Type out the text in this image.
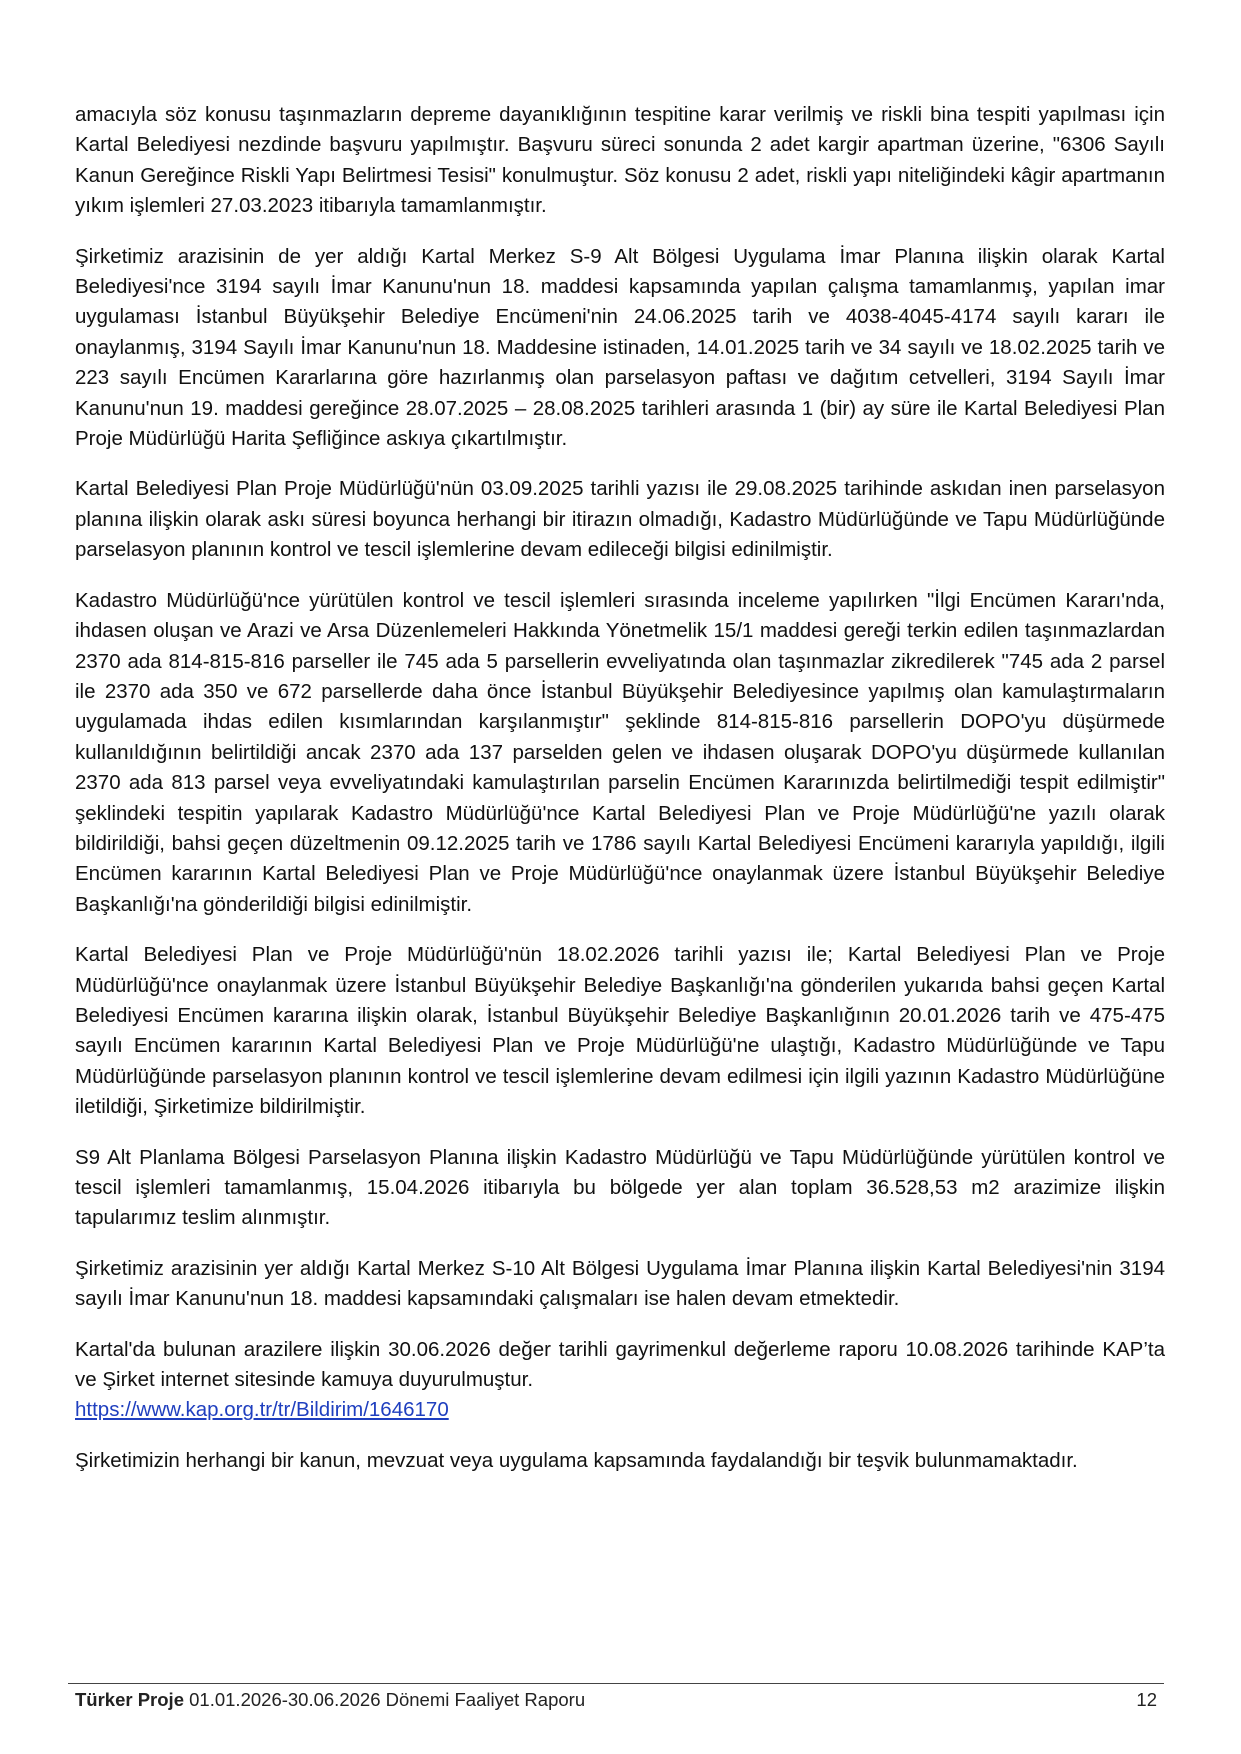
amacıyla söz konusu taşınmazların depreme dayanıklığının tespitine karar verilmiş ve riskli bina tespiti yapılması için Kartal Belediyesi nezdinde başvuru yapılmıştır. Başvuru süreci sonunda 2 adet kargir apartman üzerine, "6306 Sayılı Kanun Gereğince Riskli Yapı Belirtmesi Tesisi" konulmuştur. Söz konusu 2 adet, riskli yapı niteliğindeki kâgir apartmanın yıkım işlemleri 27.03.2023 itibarıyla tamamlanmıştır.

Şirketimiz arazisinin de yer aldığı Kartal Merkez S-9 Alt Bölgesi Uygulama İmar Planına ilişkin olarak Kartal Belediyesi'nce 3194 sayılı İmar Kanunu'nun 18. maddesi kapsamında yapılan çalışma tamamlanmış, yapılan imar uygulaması İstanbul Büyükşehir Belediye Encümeni'nin 24.06.2025 tarih ve 4038-4045-4174 sayılı kararı ile onaylanmış, 3194 Sayılı İmar Kanunu'nun 18. Maddesine istinaden, 14.01.2025 tarih ve 34 sayılı ve 18.02.2025 tarih ve 223 sayılı Encümen Kararlarına göre hazırlanmış olan parselasyon paftası ve dağıtım cetvelleri, 3194 Sayılı İmar Kanunu'nun 19. maddesi gereğince 28.07.2025 – 28.08.2025 tarihleri arasında 1 (bir) ay süre ile Kartal Belediyesi Plan Proje Müdürlüğü Harita Şefliğince askıya çıkartılmıştır.

Kartal Belediyesi Plan Proje Müdürlüğü'nün 03.09.2025 tarihli yazısı ile 29.08.2025 tarihinde askıdan inen parselasyon planına ilişkin olarak askı süresi boyunca herhangi bir itirazın olmadığı, Kadastro Müdürlüğünde ve Tapu Müdürlüğünde parselasyon planının kontrol ve tescil işlemlerine devam edileceği bilgisi edinilmiştir.

Kadastro Müdürlüğü'nce yürütülen kontrol ve tescil işlemleri sırasında inceleme yapılırken "İlgi Encümen Kararı'nda, ihdasen oluşan ve Arazi ve Arsa Düzenlemeleri Hakkında Yönetmelik 15/1 maddesi gereği terkin edilen taşınmazlardan 2370 ada 814-815-816 parseller ile 745 ada 5 parsellerin evveliyatında olan taşınmazlar zikredilerek "745 ada 2 parsel ile 2370 ada 350 ve 672 parsellerde daha önce İstanbul Büyükşehir Belediyesince yapılmış olan kamulaştırmaların uygulamada ihdas edilen kısımlarından karşılanmıştır" şeklinde 814-815-816 parsellerin DOPO'yu düşürmede kullanıldığının belirtildiği ancak 2370 ada 137 parselden gelen ve ihdasen oluşarak DOPO'yu düşürmede kullanılan 2370 ada 813 parsel veya evveliyatındaki kamulaştırılan parselin Encümen Kararınızda belirtilmediği tespit edilmiştir" şeklindeki tespitin yapılarak Kadastro Müdürlüğü'nce Kartal Belediyesi Plan ve Proje Müdürlüğü'ne yazılı olarak bildirildiği, bahsi geçen düzeltmenin 09.12.2025 tarih ve 1786 sayılı Kartal Belediyesi Encümeni kararıyla yapıldığı, ilgili Encümen kararının Kartal Belediyesi Plan ve Proje Müdürlüğü'nce onaylanmak üzere İstanbul Büyükşehir Belediye Başkanlığı'na gönderildiği bilgisi edinilmiştir.

Kartal Belediyesi Plan ve Proje Müdürlüğü'nün 18.02.2026 tarihli yazısı ile; Kartal Belediyesi Plan ve Proje Müdürlüğü'nce onaylanmak üzere İstanbul Büyükşehir Belediye Başkanlığı'na gönderilen yukarıda bahsi geçen Kartal Belediyesi Encümen kararına ilişkin olarak, İstanbul Büyükşehir Belediye Başkanlığının 20.01.2026 tarih ve 475-475 sayılı Encümen kararının Kartal Belediyesi Plan ve Proje Müdürlüğü'ne ulaştığı, Kadastro Müdürlüğünde ve Tapu Müdürlüğünde parselasyon planının kontrol ve tescil işlemlerine devam edilmesi için ilgili yazının Kadastro Müdürlüğüne iletildiği, Şirketimize bildirilmiştir.

S9 Alt Planlama Bölgesi Parselasyon Planına ilişkin Kadastro Müdürlüğü ve Tapu Müdürlüğünde yürütülen kontrol ve tescil işlemleri tamamlanmış, 15.04.2026 itibarıyla bu bölgede yer alan toplam 36.528,53 m2 arazimize ilişkin tapularımız teslim alınmıştır.

Şirketimiz arazisinin yer aldığı Kartal Merkez S-10 Alt Bölgesi Uygulama İmar Planına ilişkin Kartal Belediyesi'nin 3194 sayılı İmar Kanunu'nun 18. maddesi kapsamındaki çalışmaları ise halen devam etmektedir.

Kartal'da bulunan arazilere ilişkin 30.06.2026 değer tarihli gayrimenkul değerleme raporu 10.08.2026 tarihinde KAP’ta ve Şirket internet sitesinde kamuya duyurulmuştur.
https://www.kap.org.tr/tr/Bildirim/1646170

Şirketimizin herhangi bir kanun, mevzuat veya uygulama kapsamında faydalandığı bir teşvik bulunmamaktadır.

Türker Proje 01.01.2026-30.06.2026 Dönemi Faaliyet Raporu	12
